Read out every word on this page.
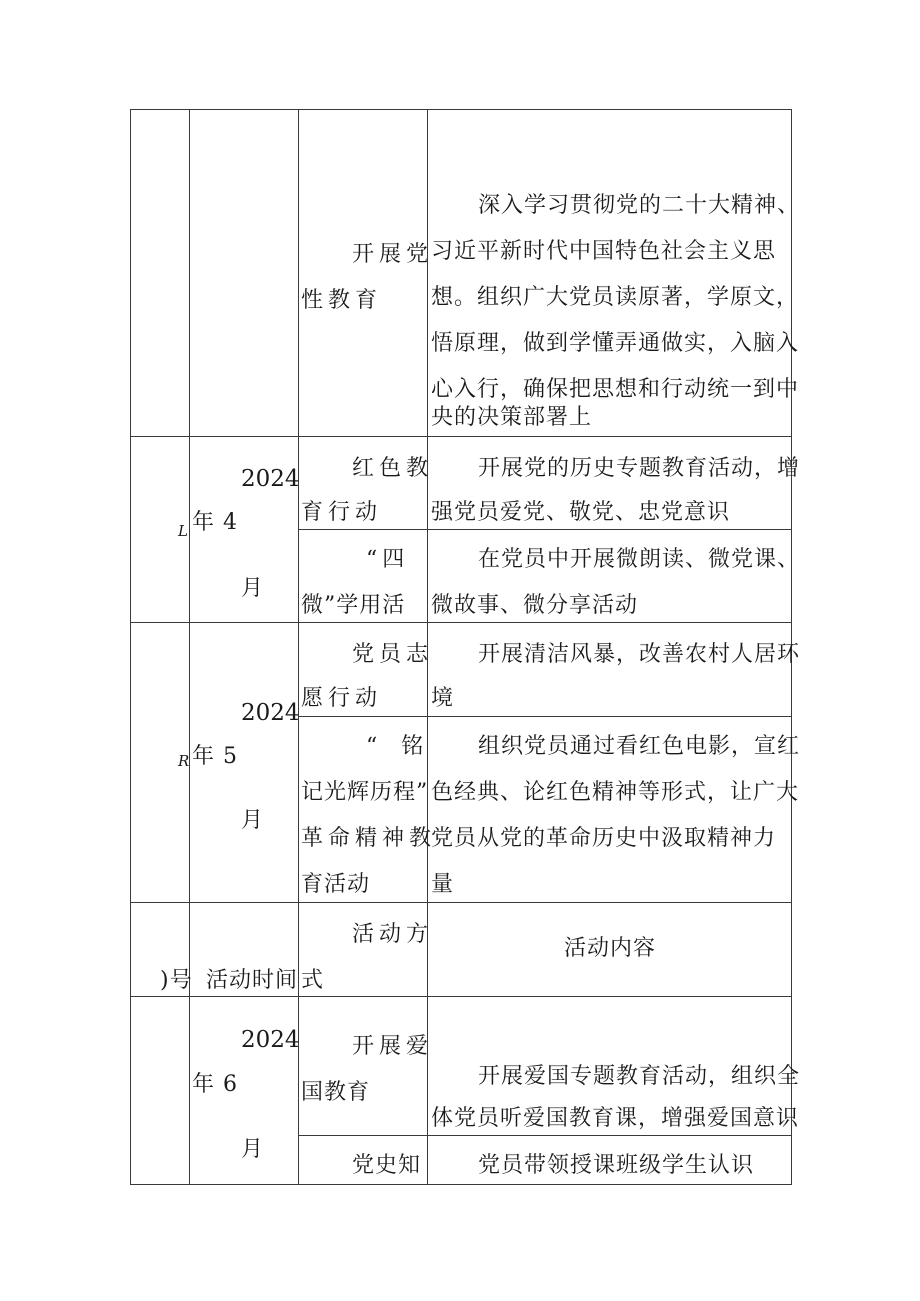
开展党
性教育
深入学习贯彻党的二十大精神、
习近平新时代中国特色社会主义思
想。组织广大党员读原著，学原文，
悟原理，做到学懂弄通做实，入脑入
心入行，确保把思想和行动统一到中
央的决策部署上
L
2024
年 4
月
红色教
育行动
开展党的历史专题教育活动，增
强党员爱党、敬党、忠党意识
“四
微”学用活
在党员中开展微朗读、微党课、
微故事、微分享活动
R
2024
年 5
月
党员志
愿行动
开展清洁风暴，改善农村人居环
境
“　铭
记光辉历程”
革命精神教
育活动
组织党员通过看红色电影，宣红
色经典、论红色精神等形式，让广大
党员从党的革命历史中汲取精神力
量
)号 活动时间
活动方
式
活动内容
2024
年 6
月
开展爱
国教育
开展爱国专题教育活动，组织全
体党员听爱国教育课，增强爱国意识
党史知	党员带领授课班级学生认识
